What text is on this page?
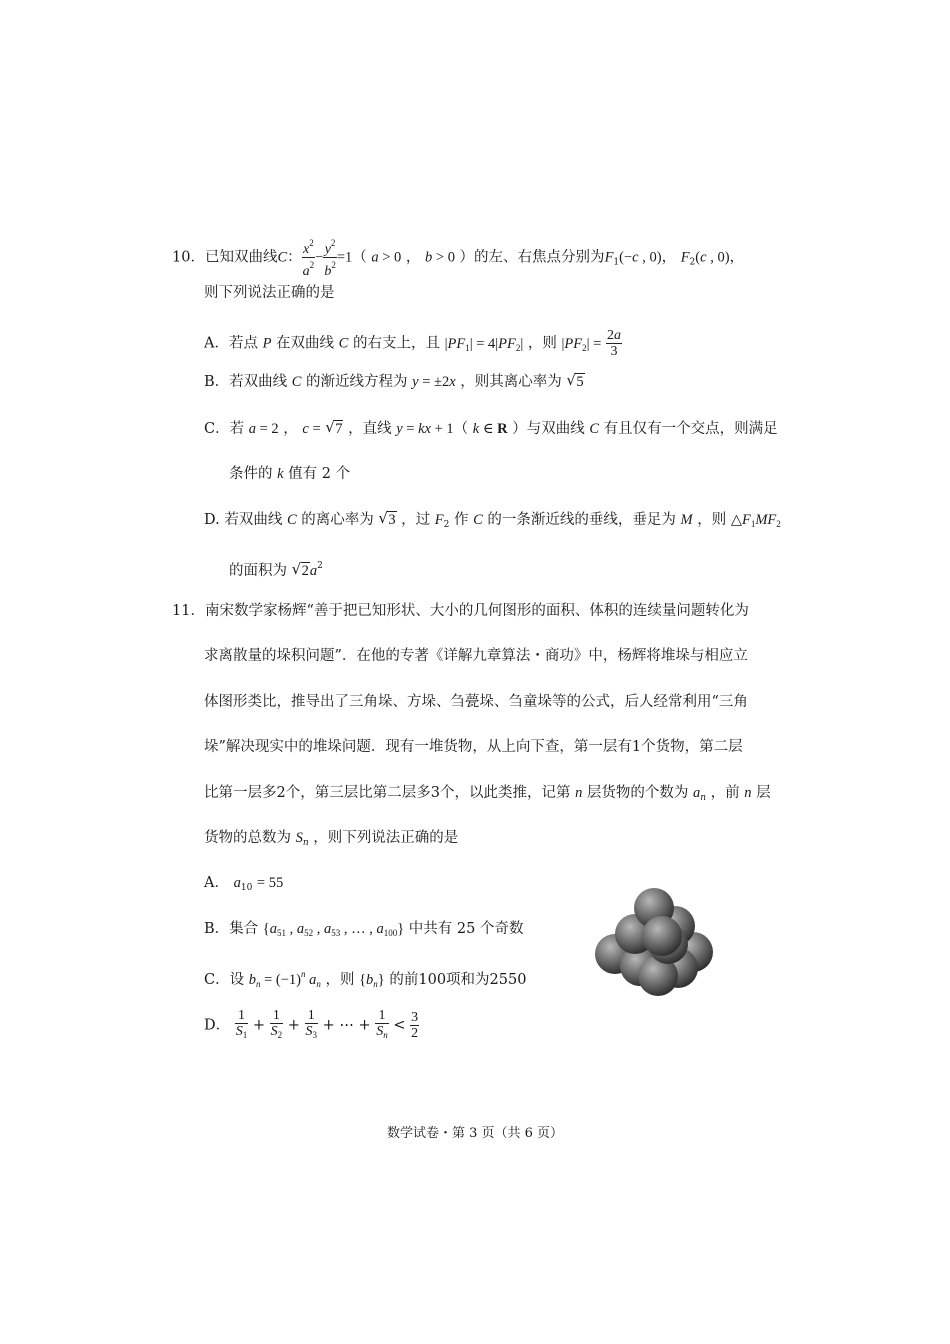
10．已知双曲线C： $\frac{x^2}{a^2} - \frac{y^2}{b^2} =1$（ a > 0 ， b > 0 ）的左、右焦点分别为$F_1(-c$ , 0)， $F_2(c$ , 0)，
则下列说法正确的是
A．若点 P 在双曲线 C 的右支上，且 $|PF_1| = 4|PF_2|$ ，则 $|PF_2| = \frac{2a}{3}$
B．若双曲线 C 的渐近线方程为 y = ±2x ，则其离心率为 √ 5
C．若 a = 2 ， c = √ 7 ，直线 y = kx + 1（ k ∈ R ）与双曲线 C 有且仅有一个交点，则满足
条件的 k 值有 2 个
D. 若双曲线 C 的离心率为 √ 3 ，过 $F_2$ 作 C 的一条渐近线的垂线，垂足为 M ，则 $\triangle F_1MF_2$
的面积为 √ $2a^2$
11．南宋数学家杨辉“善于把已知形状、大小的几何图形的面积、体积的连续量问题转化为
求离散量的垛积问题”．在他的专著《详解九章算法・商功》中，杨辉将堆垛与相应立
体图形类比，推导出了三角垛、方垛、刍甍垛、刍童垛等的公式，后人经常利用“三角
垛”解决现实中的堆垛问题．现有一堆货物，从上向下查，第一层有1个货物，第二层
比第一层多2个，第三层比第二层多3个，以此类推，记第 n 层货物的个数为 $a_n$ ，前 n 层
货物的总数为 $S_n$ ，则下列说法正确的是
A． $a_{10} = 55$
B．集合 {$a_{51}$ , $a_{52}$ , $a_{53}$ , … , $a_{100}$} 中共有 25 个奇数
C．设 $b_n = (-1)^n$ $a_n$ ，则 $\{b_n\}$ 的前100项和为2550
D． $\frac{1}{S_1} + \frac{1}{S_2} + \frac{1}{S_3}$ + ⋯ + $\frac{1}{S_n} < \frac{3}{2}$
数学试卷・第 3 页（共 6 页）
